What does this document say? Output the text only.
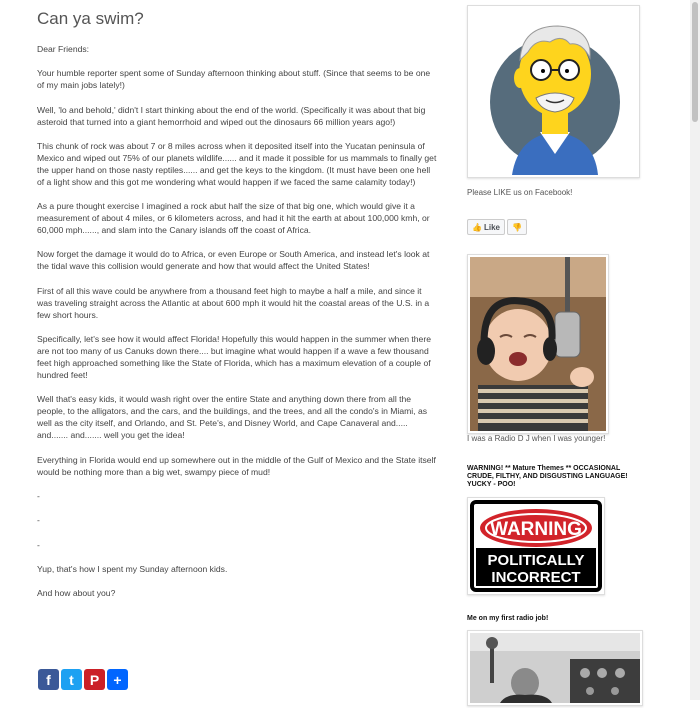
Can ya swim?

Dear Friends:

Your humble reporter spent some of Sunday afternoon thinking about stuff. (Since that seems to be one of my main jobs lately!)

Well, 'lo and behold,' didn't I start thinking about the end of the world. (Specifically it was about that big asteroid that turned into a giant hemorrhoid and wiped out the dinosaurs 66 million years ago!)

This chunk of rock was about 7 or 8 miles across when it deposited itself into the Yucatan peninsula of Mexico and wiped out 75% of our planets wildlife...... and it made it possible for us mammals to finally get the upper hand on those nasty reptiles...... and get the keys to the kingdom. (It must have been one hell of a light show and this got me wondering what would happen if we faced the same calamity today!)

As a pure thought exercise I imagined a rock abut half the size of that big one, which would give it a measurement of about 4 miles, or 6 kilometers across, and had it hit the earth at about 100,000 kmh, or 60,000 mph......, and slam into the Canary islands off the coast of Africa.

Now forget the damage it would do to Africa, or even Europe or South America, and instead let's look at the tidal wave this collision would generate and how that would affect the United States!

First of all this wave could be anywhere from a thousand feet high to maybe a half a mile, and since it was traveling straight across the Atlantic at about 600 mph it would hit the coastal areas of the U.S. in a few short hours.

Specifically, let's see how it would affect Florida! Hopefully this would happen in the summer when there are not too many of us Canuks down there.... but imagine what would happen if a wave a few thousand feet high approached something like the State of Florida, which has a maximum elevation of a couple of hundred feet!

Well that's easy kids, it would wash right over the entire State and anything down there from all the people, to the alligators, and the cars, and the buildings, and the trees, and all the condo's in Miami, as well as the city itself, and Orlando, and St. Pete's, and Disney World, and Cape Canaveral and..... and....... and....... well you get the idea!

Everything in Florida would end up somewhere out in the middle of the Gulf of Mexico and the State itself would be nothing more than a big wet, swampy piece of mud!

-

-

-

Yup, that's how I spent my Sunday afternoon kids.

And how about you?

f	t	P	+
Please LIKE us on Facebook!
👍 Like 👎
I was a Radio D J when I was younger!
WARNING! ** Mature Themes ** OCCASIONAL CRUDE, FILTHY, AND DISGUSTING LANGUAGE! YUCKY - POO!
WARNING
POLITICALLY
INCORRECT
Me on my first radio job!
